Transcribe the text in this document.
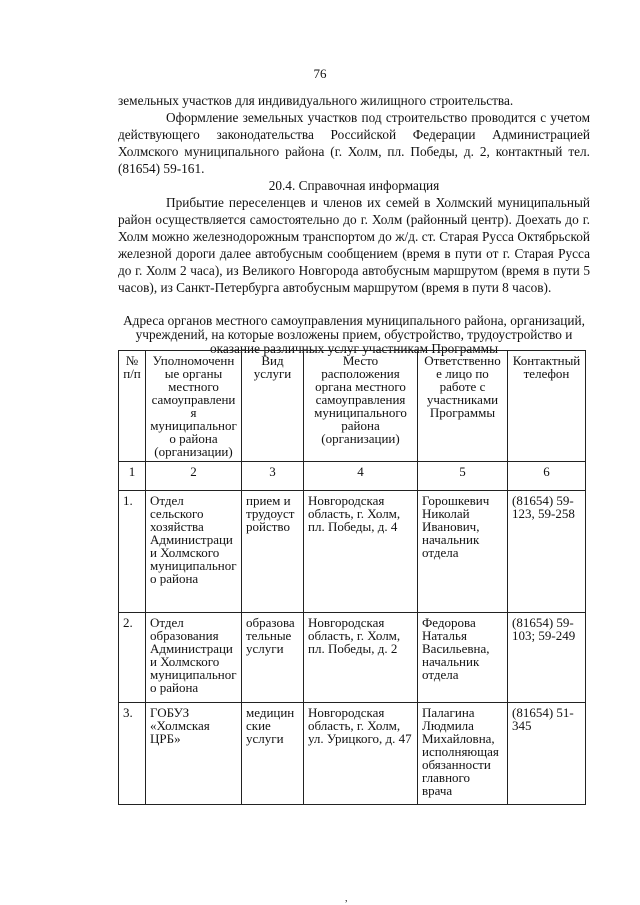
76

земельных участков для индивидуального жилищного строительства.

Оформление земельных участков под строительство проводится с учетом действующего законодательства Российской Федерации Администрацией Холмского муниципального района (г. Холм, пл. Победы, д. 2, контактный тел. (81654) 59-161.

20.4. Справочная информация

Прибытие переселенцев и членов их семей в Холмский муниципальный район осуществляется самостоятельно до г. Холм (районный центр). Доехать до г. Холм можно железнодорожным транспортом до ж/д. ст. Старая Русса Октябрьской железной дороги далее автобусным сообщением (время в пути от г. Старая Русса до г. Холм 2 часа), из Великого Новгорода автобусным маршрутом (время в пути 5 часов), из Санкт-Петербурга автобусным маршрутом (время в пути 8 часов).

Адреса органов местного самоуправления муниципального района, организаций, учреждений, на которые возложены прием, обустройство, трудоустройство и оказание различных услуг участникам Программы
№ п/п	Уполномоченные органы местного самоуправления муниципального района (организации)	Вид услуги	Место расположения органа местного самоуправления муниципального района (организации)	Ответственное лицо по работе с участниками Программы	Контактный телефон
1	2	3	4	5	6
1.	Отдел сельского хозяйства Администрации Холмского муниципального района	прием и трудоустройство	Новгородская область, г. Холм, пл. Победы, д. 4	Горошкевич Николай Иванович, начальник отдела	(81654) 59-123, 59-258
2.	Отдел образования Администрации Холмского муниципального района	образовательные услуги	Новгородская область, г. Холм, пл. Победы, д. 2	Федорова Наталья Васильевна, начальник отдела	(81654) 59-103; 59-249
3.	ГОБУЗ «Холмская ЦРБ»	медицинские услуги	Новгородская область, г. Холм, ул. Урицкого, д. 47	Палагина Людмила Михайловна, исполняющая обязанности главного врача	(81654) 51-345
,
